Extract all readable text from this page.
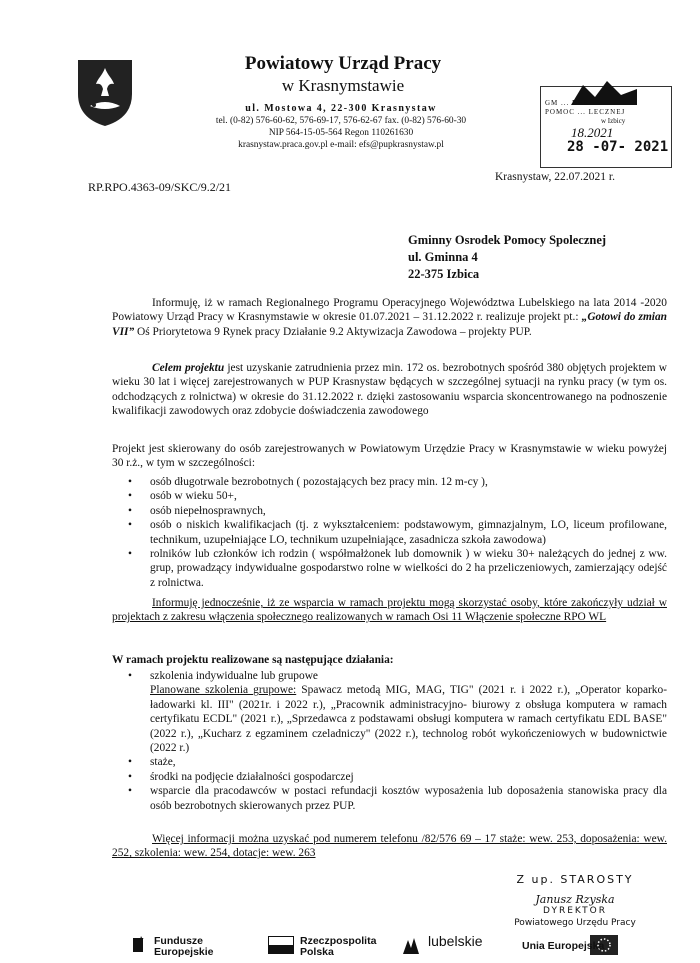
Powiatowy Urząd Pracy
w Krasnymstawie
ul. Mostowa 4, 22-300 Krasnystaw
tel. (0-82) 576-60-62, 576-69-17, 576-62-67 fax. (0-82) 576-60-30
NIP 564-15-05-564 Regon 110261630
krasnystaw.praca.gov.pl e-mail: efs@pupkrasnystaw.pl
GM ... DER
POMOC ... LECZNEJ
w Izbicy
18.2021
28 -07- 2021
RP.RPO.4363-09/SKC/9.2/21
Krasnystaw, 22.07.2021 r.
Gminny Osrodek Pomocy Spolecznej
ul. Gminna 4
22-375 Izbica
Informuję, iż w ramach Regionalnego Programu Operacyjnego Województwa Lubelskiego na lata 2014 -2020 Powiatowy Urząd Pracy w Krasnymstawie w okresie 01.07.2021 – 31.12.2022 r. realizuje projekt pt.: „Gotowi do zmian VII” Oś Priorytetowa 9 Rynek pracy Działanie 9.2 Aktywizacja Zawodowa – projekty PUP.
Celem projektu jest uzyskanie zatrudnienia przez min. 172 os. bezrobotnych spośród 380 objętych projektem w wieku 30 lat i więcej zarejestrowanych w PUP Krasnystaw będących w szczególnej sytuacji na rynku pracy (w tym os. odchodzących z rolnictwa) w okresie do 31.12.2022 r. dzięki zastosowaniu wsparcia skoncentrowanego na podnoszenie kwalifikacji zawodowych oraz zdobycie doświadczenia zawodowego
Projekt jest skierowany do osób zarejestrowanych w Powiatowym Urzędzie Pracy w Krasnymstawie w wieku powyżej 30 r.ż., w tym w szczególności:
• osób długotrwale bezrobotnych ( pozostających bez pracy min. 12 m-cy ),
• osób w wieku 50+,
• osób niepełnosprawnych,
• osób o niskich kwalifikacjach (tj. z wykształceniem: podstawowym, gimnazjalnym, LO, liceum profilowane, technikum, uzupełniające LO, technikum uzupełniające, zasadnicza szkoła zawodowa)
• rolników lub członków ich rodzin ( współmałżonek lub domownik ) w wieku 30+ należących do jednej z ww. grup, prowadzący indywidualne gospodarstwo rolne w wielkości do 2 ha przeliczeniowych, zamierzający odejść z rolnictwa.
Informuję jednocześnie, iż ze wsparcia w ramach projektu mogą skorzystać osoby, które zakończyły udział w projektach z zakresu włączenia społecznego realizowanych w ramach Osi 11 Włączenie społeczne RPO WL
W ramach projektu realizowane są następujące działania:
• szkolenia indywidualne lub grupowe
Planowane szkolenia grupowe: Spawacz metodą MIG, MAG, TIG" (2021 r. i 2022 r.), „Operator koparko-ładowarki kl. III" (2021r. i 2022 r.), „Pracownik administracyjno- biurowy z obsługa komputera w ramach certyfikatu ECDL" (2021 r.), „Sprzedawca z podstawami obsługi komputera w ramach certyfikatu EDL BASE" (2022 r.), „Kucharz z egzaminem czeladniczy" (2022 r.), technolog robót wykończeniowych w budownictwie (2022 r.)
• staże,
• środki na podjęcie działalności gospodarczej
• wsparcie dla pracodawców w postaci refundacji kosztów wyposażenia lub doposażenia stanowiska pracy dla osób bezrobotnych skierowanych przez PUP.
Więcej informacji można uzyskać pod numerem telefonu /82/576 69 – 17 staże: wew. 253, doposażenia: wew. 252, szkolenia: wew. 254, dotacje: wew. 263
Z up. STAROSTY
Janusz Rzyska
DYREKTOR
Powiatowego Urzędu Pracy
Fundusze
Europejskie
Rzeczpospolita
Polska
lubelskie	Unia Europejska
